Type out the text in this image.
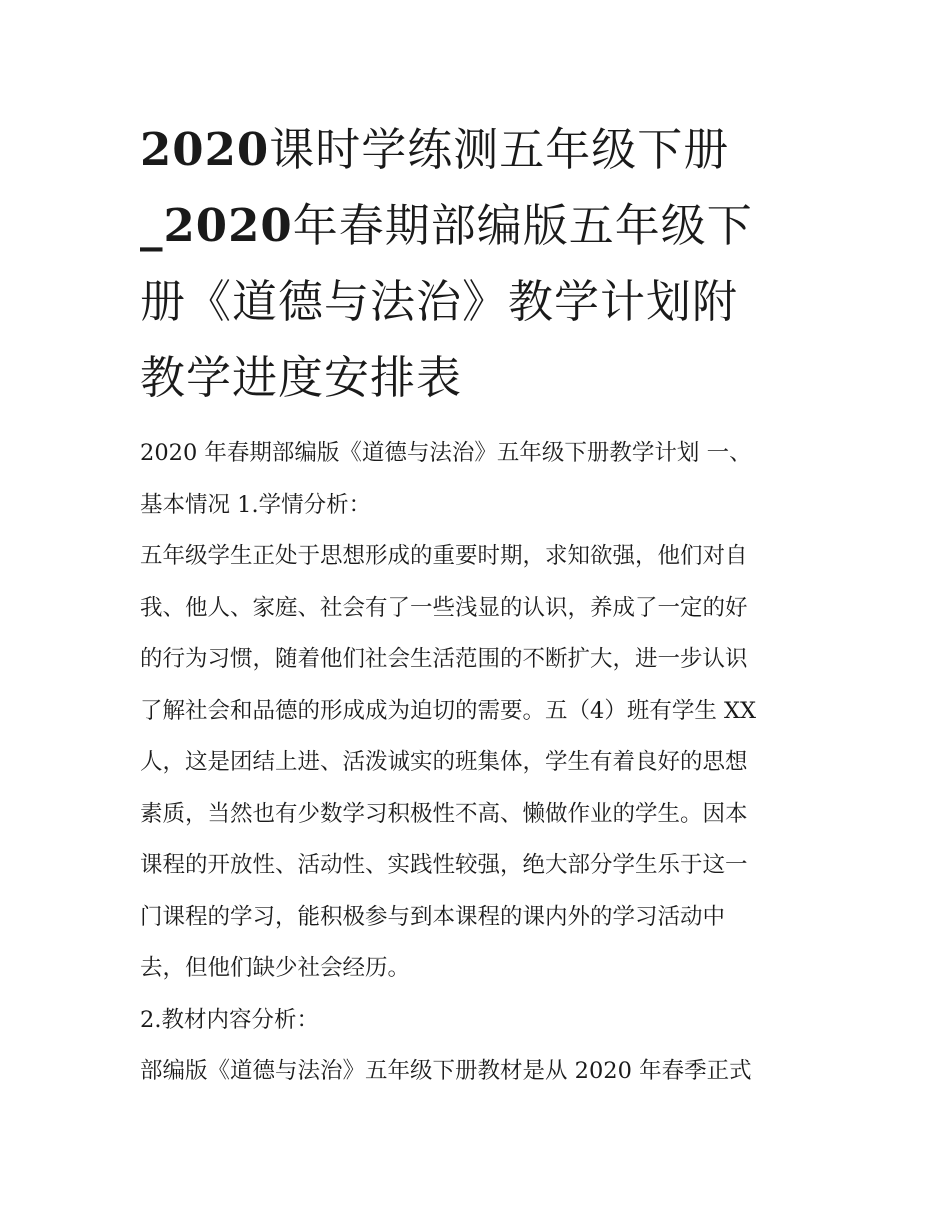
2020课时学练测五年级下册
_2020年春期部编版五年级下
册《道德与法治》教学计划附
教学进度安排表

2020 年春期部编版《道德与法治》五年级下册教学计划 一、
基本情况 1.学情分析：

五年级学生正处于思想形成的重要时期，求知欲强，他们对自
我、他人、家庭、社会有了一些浅显的认识，养成了一定的好
的行为习惯，随着他们社会生活范围的不断扩大，进一步认识
了解社会和品德的形成成为迫切的需要。五（4）班有学生 XX
人，这是团结上进、活泼诚实的班集体，学生有着良好的思想
素质，当然也有少数学习积极性不高、懒做作业的学生。因本
课程的开放性、活动性、实践性较强，绝大部分学生乐于这一
门课程的学习，能积极参与到本课程的课内外的学习活动中
去，但他们缺少社会经历。

2.教材内容分析：

部编版《道德与法治》五年级下册教材是从 2020 年春季正式
